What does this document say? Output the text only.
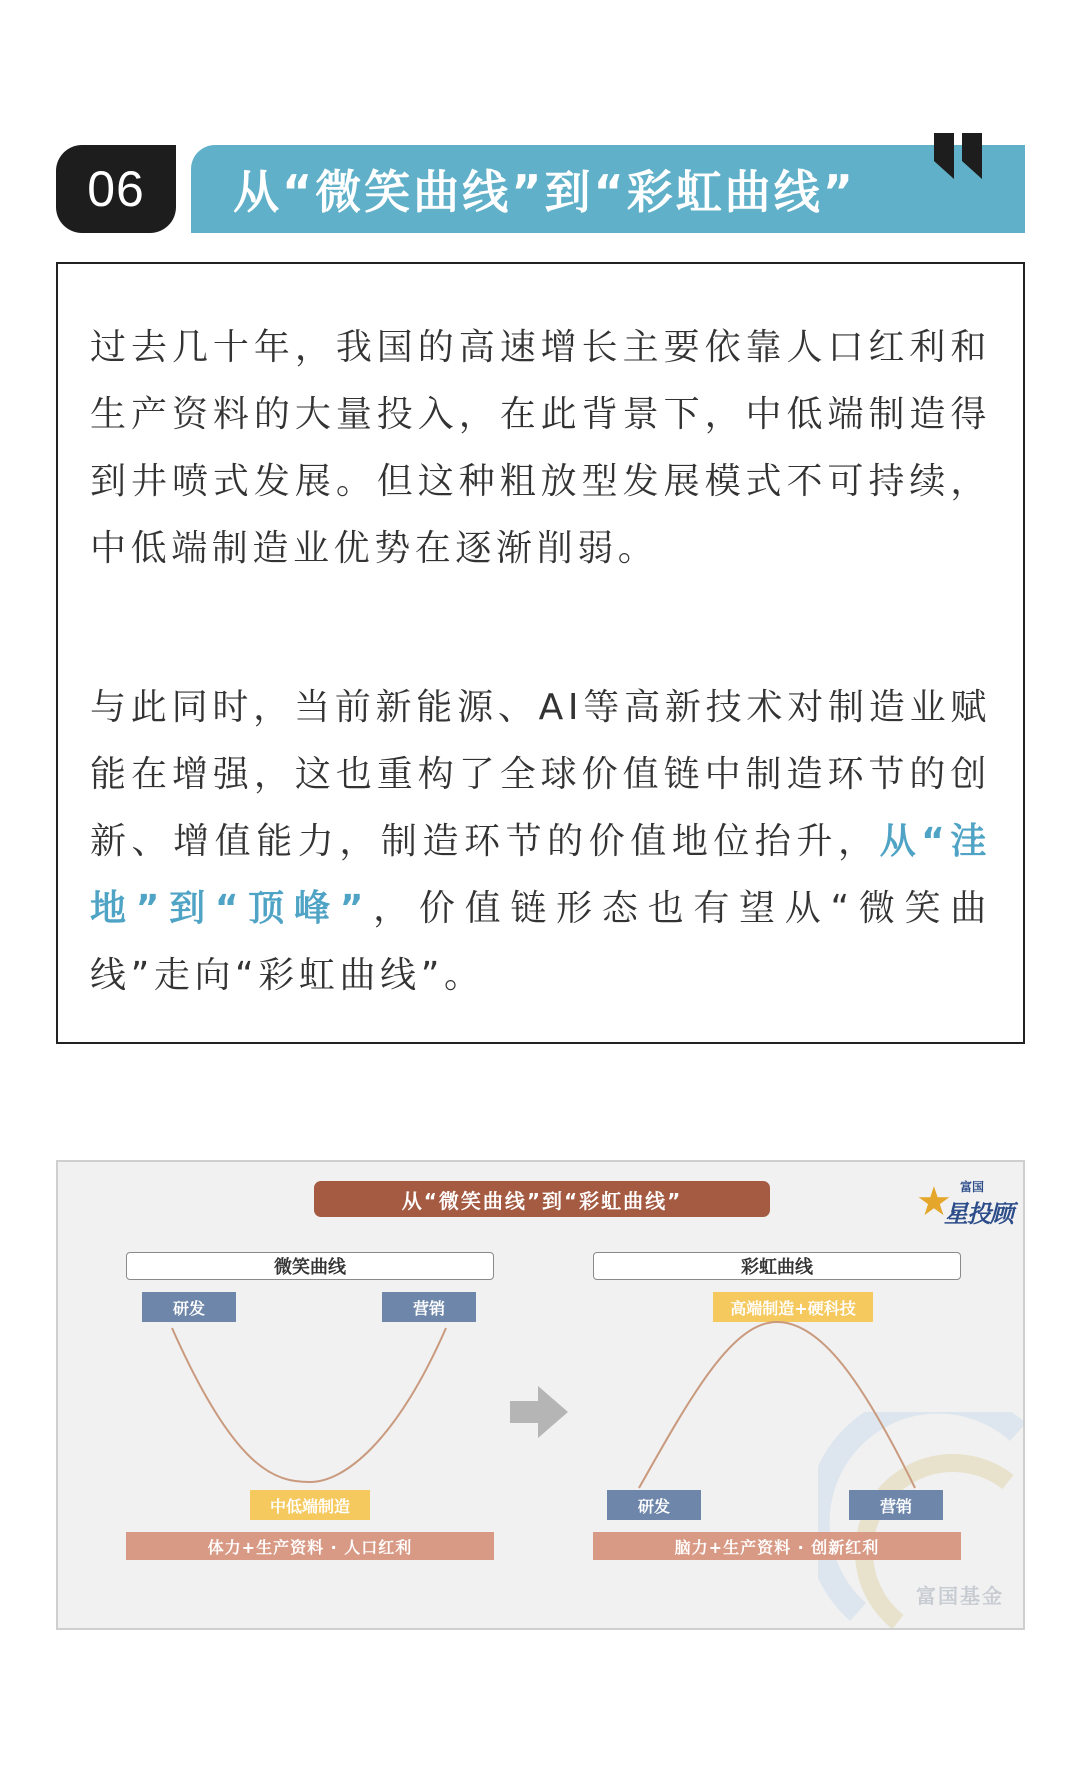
06 从“微笑曲线”到“彩虹曲线”

过去几十年，我国的高速增长主要依靠人口红利和生产资料的大量投入，在此背景下，中低端制造得到井喷式发展。但这种粗放型发展模式不可持续，中低端制造业优势在逐渐削弱。

与此同时，当前新能源、AI等高新技术对制造业赋能在增强，这也重构了全球价值链中制造环节的创新、增值能力，制造环节的价值地位抬升，从“洼地”到“顶峰”，价值链形态也有望从“微笑曲线”走向“彩虹曲线”。

从“微笑曲线”到“彩虹曲线”	★ 富国
星投顾
微笑曲线
研发	营销
中低端制造
体力+生产资料 · 人口红利
彩虹曲线
高端制造+硬科技
研发	营销
脑力+生产资料 · 创新红利
富国基金
